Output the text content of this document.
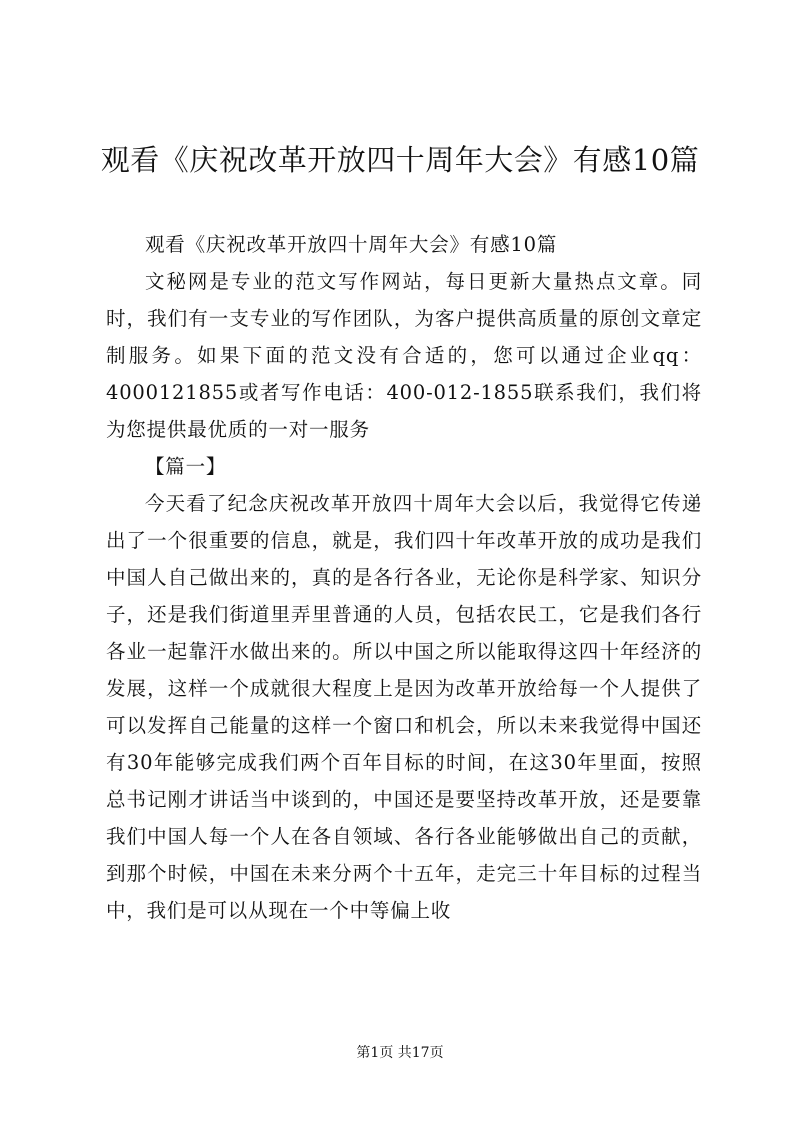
观看《庆祝改革开放四十周年大会》有感10篇

观看《庆祝改革开放四十周年大会》有感10篇

文秘网是专业的范文写作网站，每日更新大量热点文章。同时，我们有一支专业的写作团队，为客户提供高质量的原创文章定制服务。如果下面的范文没有合适的，您可以通过企业qq：4000121855或者写作电话：400-012-1855联系我们，我们将为您提供最优质的一对一服务

【篇一】

今天看了纪念庆祝改革开放四十周年大会以后，我觉得它传递出了一个很重要的信息，就是，我们四十年改革开放的成功是我们中国人自己做出来的，真的是各行各业，无论你是科学家、知识分子，还是我们街道里弄里普通的人员，包括农民工，它是我们各行各业一起靠汗水做出来的。所以中国之所以能取得这四十年经济的发展，这样一个成就很大程度上是因为改革开放给每一个人提供了可以发挥自己能量的这样一个窗口和机会，所以未来我觉得中国还有30年能够完成我们两个百年目标的时间，在这30年里面，按照总书记刚才讲话当中谈到的，中国还是要坚持改革开放，还是要靠我们中国人每一个人在各自领域、各行各业能够做出自己的贡献，到那个时候，中国在未来分两个十五年，走完三十年目标的过程当中，我们是可以从现在一个中等偏上收

第1页 共17页
